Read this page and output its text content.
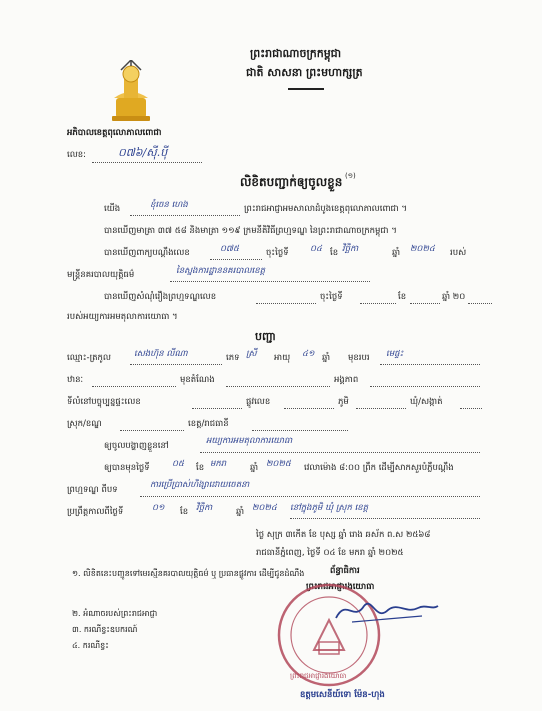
ព្រះរាជាណាចក្រកម្ពុជា
ជាតិ សាសនា ព្រះមហាក្សត្រ
អភិបាលខេត្តពុលោភាលពោជា
លេខ:	០៧៦/ស៊ី.ប៉ី
លិខិតបញ្ជាក់ឲ្យចូលខ្លួន (១)
យើង	ខុំចេន ហេង	ព្រះរាជអាជ្ញាអមសាលាដំបូងខេត្តពុលោភាលពោជា ។
បានឃើញមាត្រា ៣៧ ៥៨ និងមាត្រា ១១៩ ក្រមនីតិវិធីព្រហ្មទណ្ឌ នៃព្រះរាជាណាចក្រកម្ពុជា ។
បានឃើញពាក្យបណ្តឹងលេខ	០៧៥	ចុះថ្ងៃទី	០៤ ខែ វិច្ឆិកា	ឆ្នាំ ២០២៤ របស់
មន្ត្រីនគរបាលយុត្តិធម៌	នៃស្នងការដ្ឋាននគរបាលខេត្ត
បានឃើញសំណុំរឿងព្រហ្មទណ្ឌលេខ	ចុះថ្ងៃទី	ខែ	ឆ្នាំ ២០
របស់អយ្យការអមតុលាការយោធា ។
បញ្ជា
ឈ្មោះ-ត្រកូល	សេងហ៊ុន លីណា	ភេទ ស្រី អាយុ ៤១ ឆ្នាំ មុខរបរ មេផ្ទះ
ឋានៈ	មុខតំណែង	អង្គភាព
ទីលំនៅបច្ចុប្បន្នផ្ទះលេខ	ផ្លូវលេខ	ភូមិ	ឃុំ/សង្កាត់
ស្រុក/ខណ្ឌ	ខេត្ត/រាជធានី
ឲ្យចូលបង្ហាញខ្លួននៅ	អយ្យការអមតុលាការយោធា
ឲ្យបានមុនថ្ងៃទី	០៥ ខែ មករា	ឆ្នាំ ២០២៥ វេលាម៉ោង ៨:០០ ព្រឹក ដើម្បីសាកសួរបំភ្លឺបណ្តឹង
ព្រហ្មទណ្ឌ ពីបទ	ការប្រើប្រាស់ហិង្សាដោយចេតនា
ប្រព្រឹត្តកាលពីថ្ងៃទី	០១ ខែ វិច្ឆិកា	ឆ្នាំ ២០២៤ នៅក្នុងភូមិ ឃុំ ស្រុក ខេត្ត
ថ្ងៃ សុក្រ ៣កើត ខែ បុស្ស ឆ្នាំ រោង ឆស័ក ព.ស ២៥៦៨
រាជធានីភ្នំពេញ, ថ្ងៃទី ០៤ ខែ មករា ឆ្នាំ ២០២៥
ព័ន្ធាធិការ
ព្រះរាជអាជ្ញារងយោធា
ព្រះរាជអាជ្ញារងយោធា
ឧត្តមសេនីយ៍ទោ ម៉ែន-ហុង
១. លិខិតនេះបញ្ជូនទៅមេរស្មីនគរបាលយុត្តិធម៌ ឬ ប្រធានផ្លូវការ ដើម្បីជូនដំណឹង
២. អំណាចរបស់ព្រះរាជអាជ្ញា
៣. ករណីខ្វះ​ឧបករណ៍
៤. ករណីខ្វះ
